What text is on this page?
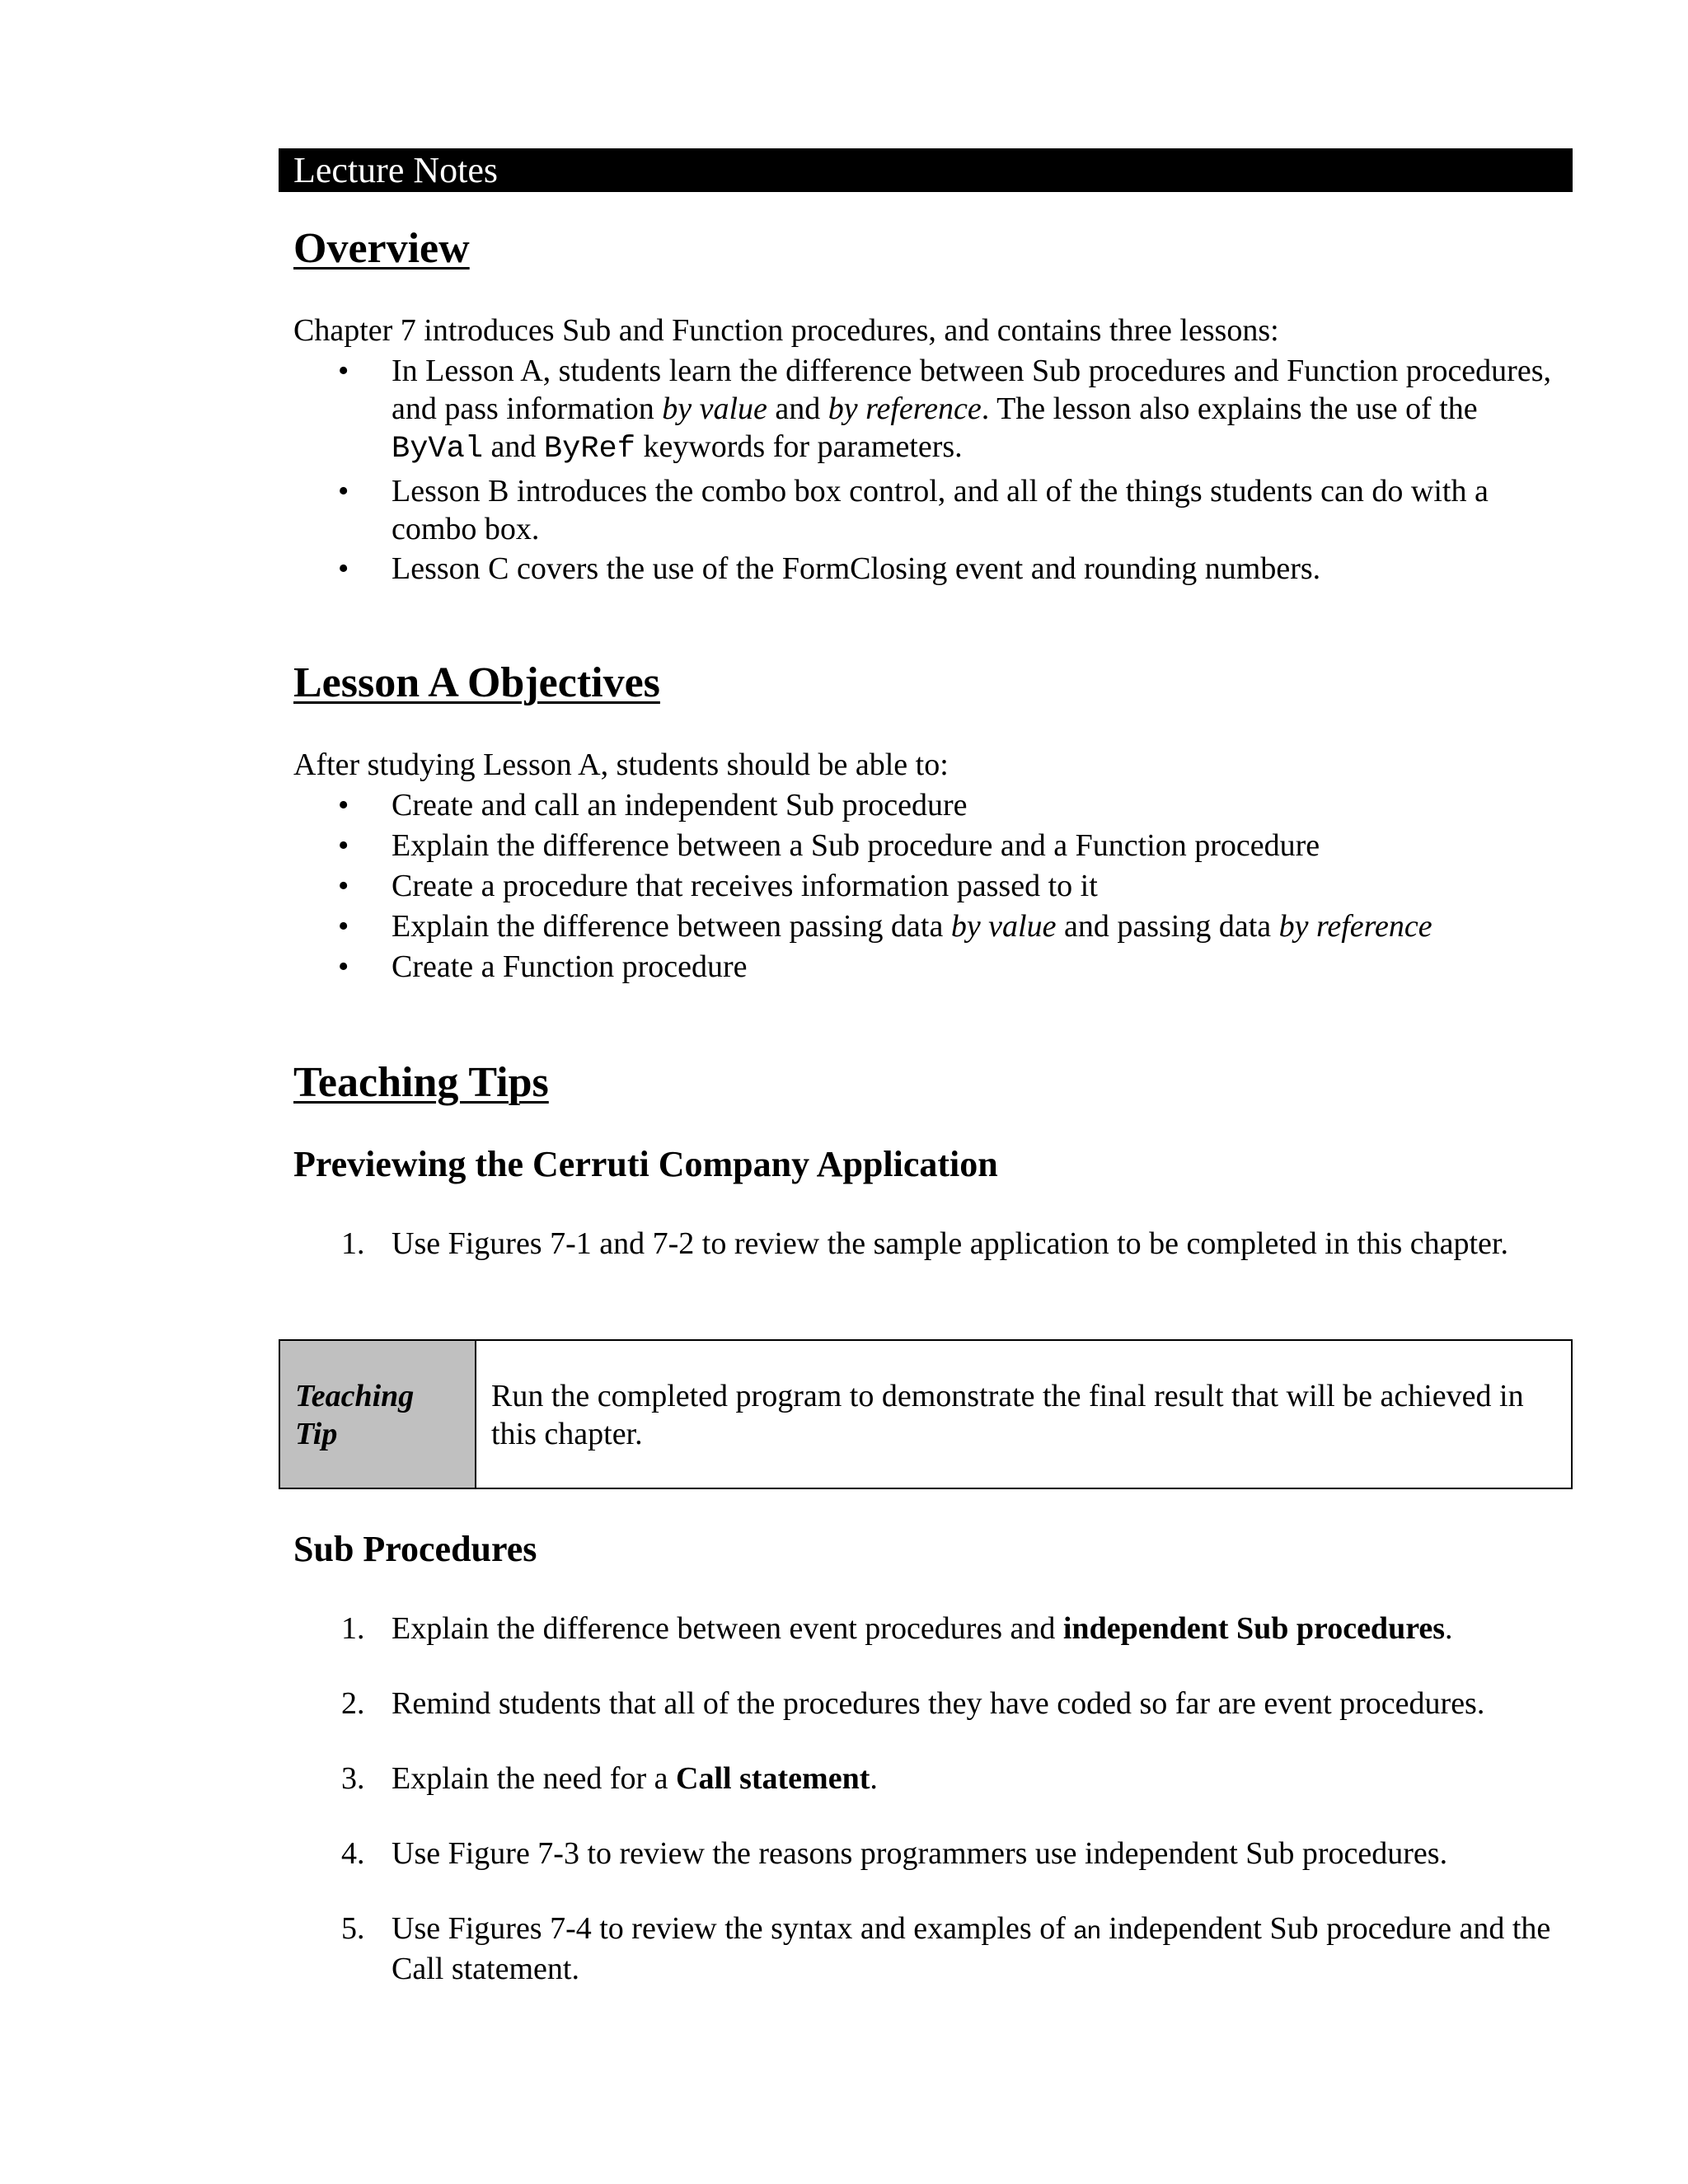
Lecture Notes
Overview

Chapter 7 introduces Sub and Function procedures, and contains three lessons:

•	In Lesson A, students learn the difference between Sub procedures and Function procedures, and pass information by value and by reference. The lesson also explains the use of the ByVal and ByRef keywords for parameters.
•	Lesson B introduces the combo box control, and all of the things students can do with a combo box.
•	Lesson C covers the use of the FormClosing event and rounding numbers.
Lesson A Objectives

After studying Lesson A, students should be able to:

•	Create and call an independent Sub procedure
•	Explain the difference between a Sub procedure and a Function procedure
•	Create a procedure that receives information passed to it
•	Explain the difference between passing data by value and passing data by reference
•	Create a Function procedure
Teaching Tips
Previewing the Cerruti Company Application
1. Use Figures 7-1 and 7-2 to review the sample application to be completed in this chapter.
Teaching
Tip
Run the completed program to demonstrate the final result that will be achieved in this chapter.
Sub Procedures
1. Explain the difference between event procedures and independent Sub procedures.
2. Remind students that all of the procedures they have coded so far are event procedures.
3. Explain the need for a Call statement.
4. Use Figure 7-3 to review the reasons programmers use independent Sub procedures.
5. Use Figures 7-4 to review the syntax and examples of an independent Sub procedure and the Call statement.
